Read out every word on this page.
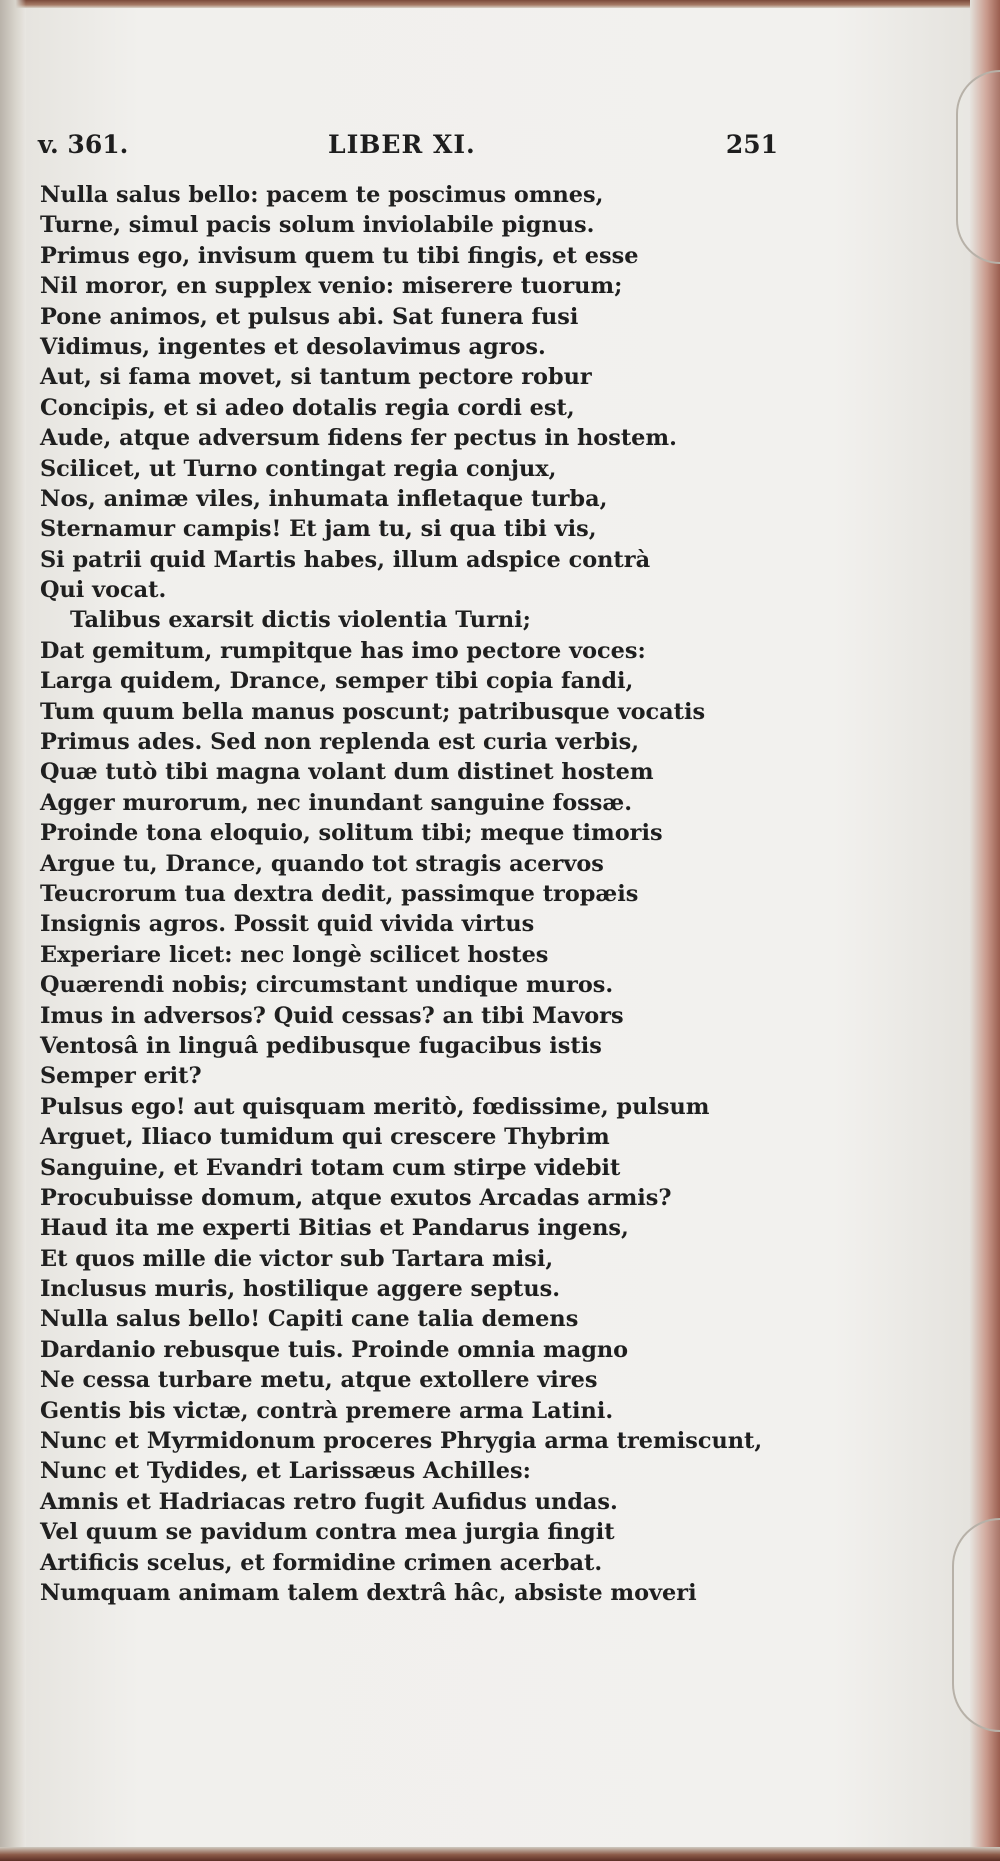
v. 361.	LIBER XI.	251
Nulla salus bello: pacem te poscimus omnes,
Turne, simul pacis solum inviolabile pignus.
Primus ego, invisum quem tu tibi fingis, et esse
Nil moror, en supplex venio: miserere tuorum;
Pone animos, et pulsus abi. Sat funera fusi
Vidimus, ingentes et desolavimus agros.
Aut, si fama movet, si tantum pectore robur
Concipis, et si adeo dotalis regia cordi est,
Aude, atque adversum fidens fer pectus in hostem.
Scilicet, ut Turno contingat regia conjux,
Nos, animæ viles, inhumata infletaque turba,
Sternamur campis! Et jam tu, si qua tibi vis,
Si patrii quid Martis habes, illum adspice contrà
Qui vocat.
Talibus exarsit dictis violentia Turni;
Dat gemitum, rumpitque has imo pectore voces:
Larga quidem, Drance, semper tibi copia fandi,
Tum quum bella manus poscunt; patribusque vocatis
Primus ades. Sed non replenda est curia verbis,
Quæ tutò tibi magna volant dum distinet hostem
Agger murorum, nec inundant sanguine fossæ.
Proinde tona eloquio, solitum tibi; meque timoris
Argue tu, Drance, quando tot stragis acervos
Teucrorum tua dextra dedit, passimque tropæis
Insignis agros. Possit quid vivida virtus
Experiare licet: nec longè scilicet hostes
Quærendi nobis; circumstant undique muros.
Imus in adversos? Quid cessas? an tibi Mavors
Ventosâ in linguâ pedibusque fugacibus istis
Semper erit?
Pulsus ego! aut quisquam meritò, fœdissime, pulsum
Arguet, Iliaco tumidum qui crescere Thybrim
Sanguine, et Evandri totam cum stirpe videbit
Procubuisse domum, atque exutos Arcadas armis?
Haud ita me experti Bitias et Pandarus ingens,
Et quos mille die victor sub Tartara misi,
Inclusus muris, hostilique aggere septus.
Nulla salus bello! Capiti cane talia demens
Dardanio rebusque tuis. Proinde omnia magno
Ne cessa turbare metu, atque extollere vires
Gentis bis victæ, contrà premere arma Latini.
Nunc et Myrmidonum proceres Phrygia arma tremiscunt,
Nunc et Tydides, et Larissæus Achilles:
Amnis et Hadriacas retro fugit Aufidus undas.
Vel quum se pavidum contra mea jurgia fingit
Artificis scelus, et formidine crimen acerbat.
Numquam animam talem dextrâ hâc, absiste moveri
